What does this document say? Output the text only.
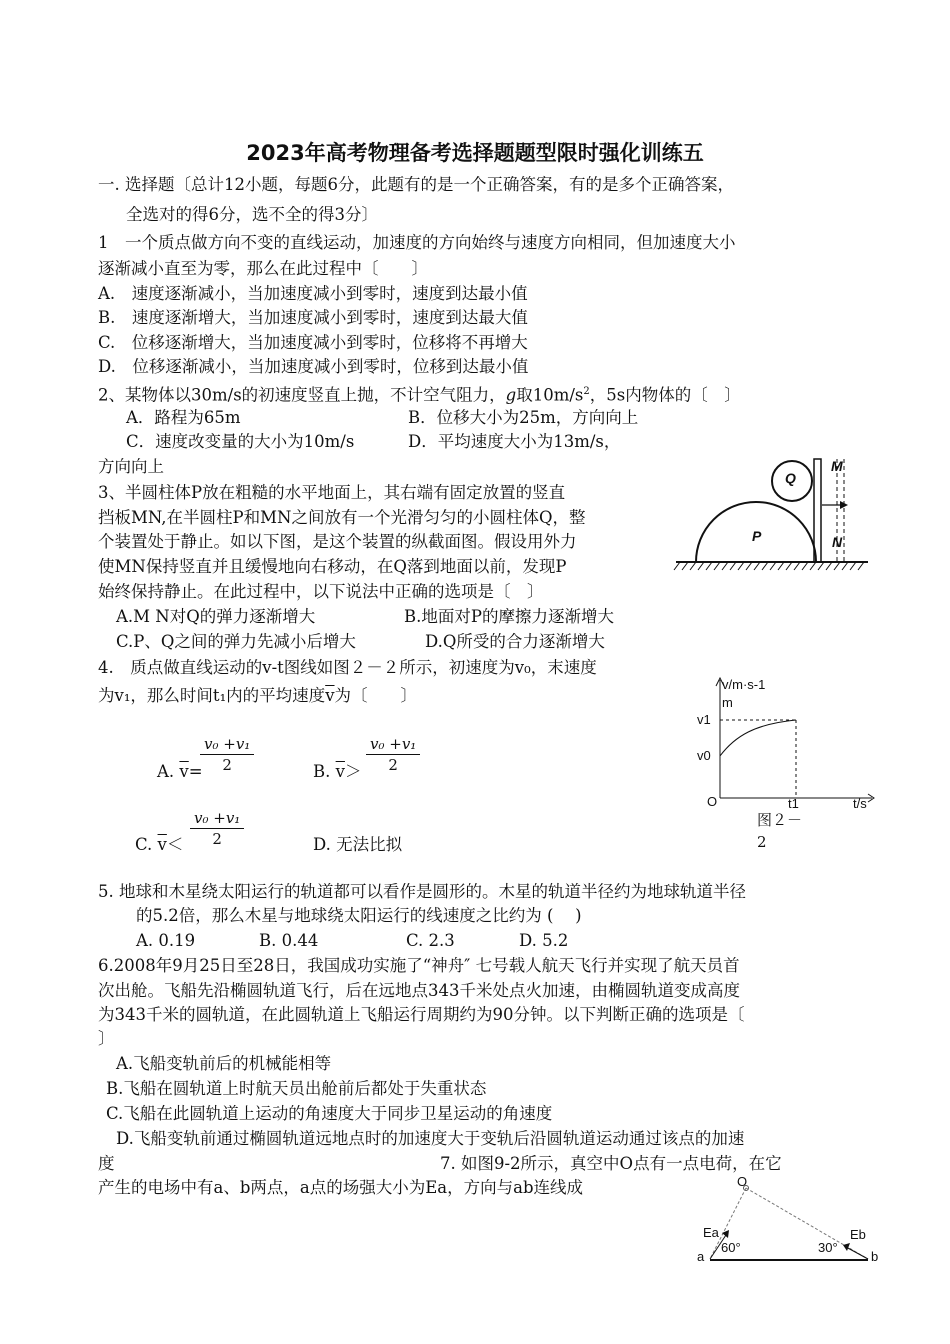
2023年高考物理备考选择题题型限时强化训练五
一. 选择题〔总计12小题，每题6分，此题有的是一个正确答案，有的是多个正确答案，
全选对的得6分，选不全的得3分〕
1　一个质点做方向不变的直线运动，加速度的方向始终与速度方向相同，但加速度大小
逐渐减小直至为零，那么在此过程中〔　　〕
A.　速度逐渐减小，当加速度减小到零时，速度到达最小值
B.　速度逐渐增大，当加速度减小到零时，速度到达最大值
C.　位移逐渐增大，当加速度减小到零时，位移将不再增大
D.　位移逐渐减小，当加速度减小到零时，位移到达最小值
2、某物体以30m/s的初速度竖直上抛，不计空气阻力，g取$10m/s^2$，5s内物体的〔　〕
A．路程为65m	B．位移大小为25m，方向向上
C．速度改变量的大小为10m/s	D．平均速度大小为13m/s，
方向向上
3、半圆柱体P放在粗糙的水平地面上，其右端有固定放置的竖直
挡板MN,在半圆柱P和MN之间放有一个光滑匀匀的小圆柱体Q，整
个装置处于静止。如以下图，是这个装置的纵截面图。假设用外力
使MN保持竖直并且缓慢地向右移动，在Q落到地面以前，发现P
始终保持静止。在此过程中，以下说法中正确的选项是〔　〕
A.M N对Q的弹力逐渐增大	B.地面对P的摩擦力逐渐增大
C.P、Q之间的弹力先减小后增大	D.Q所受的合力逐渐增大
Q
P
M
N
4.　质点做直线运动的v-t图线如图２－２所示，初速度为v₀，末速度
为v₁，那么时间t₁内的平均速度$\overline{v}$为〔　　〕
A. $\overline{v}=$
$\frac{\text{v₀ +v₁}}{2}$	B. $\overline{v}> \frac{\text{v₀ +v₁}}{2}$
C. $\overline{v}< \frac{\text{v₀ +v₁}}{2}$	D. 无法比拟
v/m·s-1
m
v1
v0
O	t1	t/s
图２－
2
5. 地球和木星绕太阳运行的轨道都可以看作是圆形的。木星的轨道半径约为地球轨道半径
的5.2倍，那么木星与地球绕太阳运行的线速度之比约为 (　 )
A. 0.19	B. 0.44	C. 2.3	D. 5.2
6.2008年9月25日至28日，我国成功实施了“神舟″ 七号载人航天飞行并实现了航天员首
次出舱。飞船先沿椭圆轨道飞行，后在远地点343千米处点火加速，由椭圆轨道变成高度
为343千米的圆轨道，在此圆轨道上飞船运行周期约为90分钟。以下判断正确的选项是〔
〕
A.飞船变轨前后的机械能相等
B.飞船在圆轨道上时航天员出舱前后都处于失重状态
C.飞船在此圆轨道上运动的角速度大于同步卫星运动的角速度
D.飞船变轨前通过椭圆轨道远地点时的加速度大于变轨后沿圆轨道运动通过该点的加速
度	7. 如图9-2所示，真空中O点有一点电荷，在它
产生的电场中有a、b两点，a点的场强大小为Ea，方向与ab连线成	O
Ea	Eb
60°	30°
a	b
